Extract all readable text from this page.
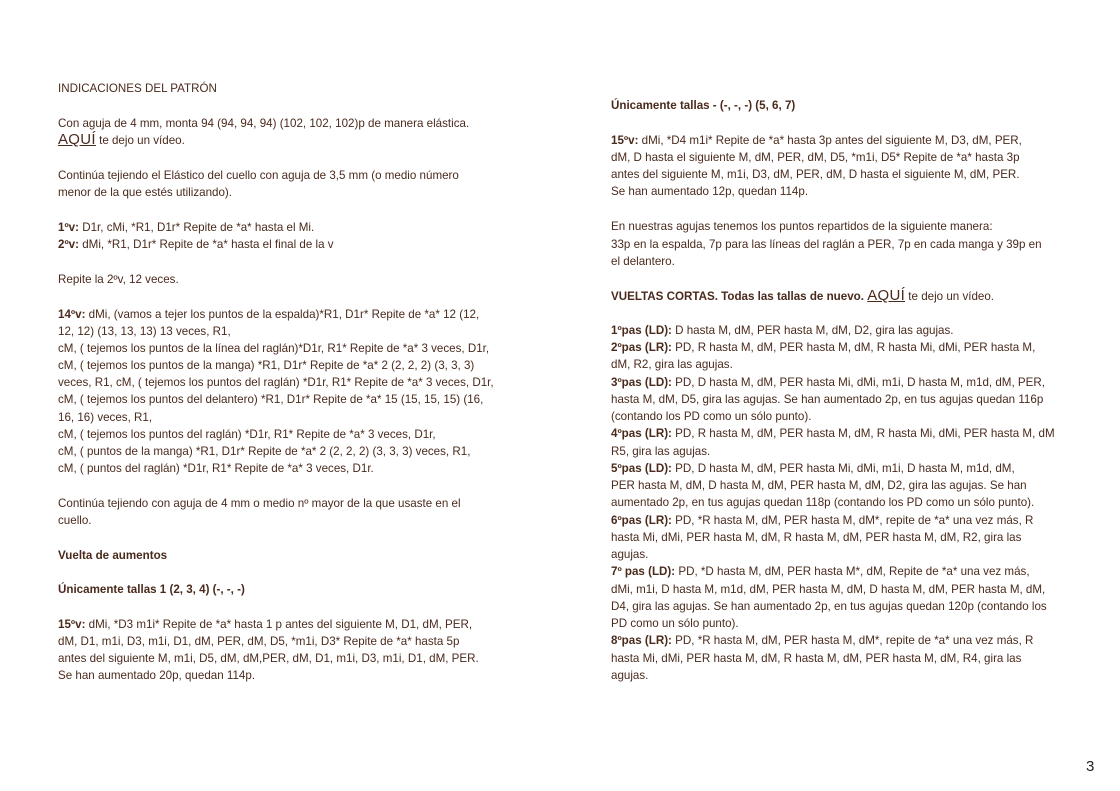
INDICACIONES DEL PATRÓN
Con aguja de 4 mm, monta 94 (94, 94, 94) (102, 102, 102)p de manera elástica.
AQUÍ te dejo un vídeo.
Continúa tejiendo el Elástico del cuello con aguja de 3,5 mm (o medio número
menor de la que estés utilizando).
1ºv: D1r, cMi, *R1, D1r* Repite de *a* hasta el Mi.
2ºv: dMi, *R1, D1r* Repite de *a* hasta el final de la v
Repite la 2ºv, 12 veces.
14ºv: dMi, (vamos a tejer los puntos de la espalda)*R1, D1r* Repite de *a* 12 (12,
12, 12) (13, 13, 13) 13 veces, R1,
cM, ( tejemos los puntos de la línea del raglán)*D1r, R1* Repite de *a* 3 veces, D1r,
cM, ( tejemos los puntos de la manga) *R1, D1r* Repite de *a* 2 (2, 2, 2) (3, 3, 3)
veces, R1, cM, ( tejemos los puntos del raglán) *D1r, R1* Repite de *a* 3 veces, D1r,
cM, ( tejemos los puntos del delantero) *R1, D1r* Repite de *a* 15 (15, 15, 15) (16,
16, 16) veces, R1,
cM, ( tejemos los puntos del raglán) *D1r, R1* Repite de *a* 3 veces, D1r,
cM, ( puntos de la manga) *R1, D1r* Repite de *a* 2 (2, 2, 2) (3, 3, 3) veces, R1,
cM, ( puntos del raglán) *D1r, R1* Repite de *a* 3 veces, D1r.
Continúa tejiendo con aguja de 4 mm o medio nº mayor de la que usaste en el
cuello.
Vuelta de aumentos
Únicamente tallas 1 (2, 3, 4) (-, -, -)
15ºv: dMi, *D3 m1i* Repite de *a* hasta 1 p antes del siguiente M, D1, dM, PER,
dM, D1, m1i, D3, m1i, D1, dM, PER, dM, D5, *m1i, D3* Repite de *a* hasta 5p
antes del siguiente M, m1i, D5, dM, dM,PER, dM, D1, m1i, D3, m1i, D1, dM, PER.
Se han aumentado 20p, quedan 114p.
Únicamente tallas - (-, -, -) (5, 6, 7)
15ºv: dMi, *D4 m1i* Repite de *a* hasta 3p antes del siguiente M, D3, dM, PER,
dM, D hasta el siguiente M, dM, PER, dM, D5, *m1i, D5* Repite de *a* hasta 3p
antes del siguiente M, m1i, D3, dM, PER, dM, D hasta el siguiente M, dM, PER.
Se han aumentado 12p, quedan 114p.
En nuestras agujas tenemos los puntos repartidos de la siguiente manera:
33p en la espalda, 7p para las líneas del raglán a PER, 7p en cada manga y 39p en
el delantero.
VUELTAS CORTAS. Todas las tallas de nuevo. AQUÍ te dejo un vídeo.
1ºpas (LD): D hasta M, dM, PER hasta M, dM, D2, gira las agujas.
2ºpas (LR): PD, R hasta M, dM, PER hasta M, dM, R hasta Mi, dMi, PER hasta M,
dM, R2, gira las agujas.
3ºpas (LD): PD, D hasta M, dM, PER hasta Mi, dMi, m1i, D hasta M, m1d, dM, PER,
hasta M, dM, D5, gira las agujas. Se han aumentado 2p, en tus agujas quedan 116p
(contando los PD como un sólo punto).
4ºpas (LR): PD, R hasta M, dM, PER hasta M, dM, R hasta Mi, dMi, PER hasta M, dM
R5, gira las agujas.
5ºpas (LD): PD, D hasta M, dM, PER hasta Mi, dMi, m1i, D hasta M, m1d, dM,
PER hasta M, dM, D hasta M, dM, PER hasta M, dM, D2, gira las agujas. Se han
aumentado 2p, en tus agujas quedan 118p (contando los PD como un sólo punto).
6ºpas (LR): PD, *R hasta M, dM, PER hasta M, dM*, repite de *a* una vez más, R
hasta Mi, dMi, PER hasta M, dM, R hasta M, dM, PER hasta M, dM, R2, gira las
agujas.
7º pas (LD): PD, *D hasta M, dM, PER hasta M*, dM, Repite de *a* una vez más,
dMi, m1i, D hasta M, m1d, dM, PER hasta M, dM, D hasta M, dM, PER hasta M, dM,
D4, gira las agujas. Se han aumentado 2p, en tus agujas quedan 120p (contando los
PD como un sólo punto).
8ºpas (LR): PD, *R hasta M, dM, PER hasta M, dM*, repite de *a* una vez más, R
hasta Mi, dMi, PER hasta M, dM, R hasta M, dM, PER hasta M, dM, R4, gira las
agujas.
3
